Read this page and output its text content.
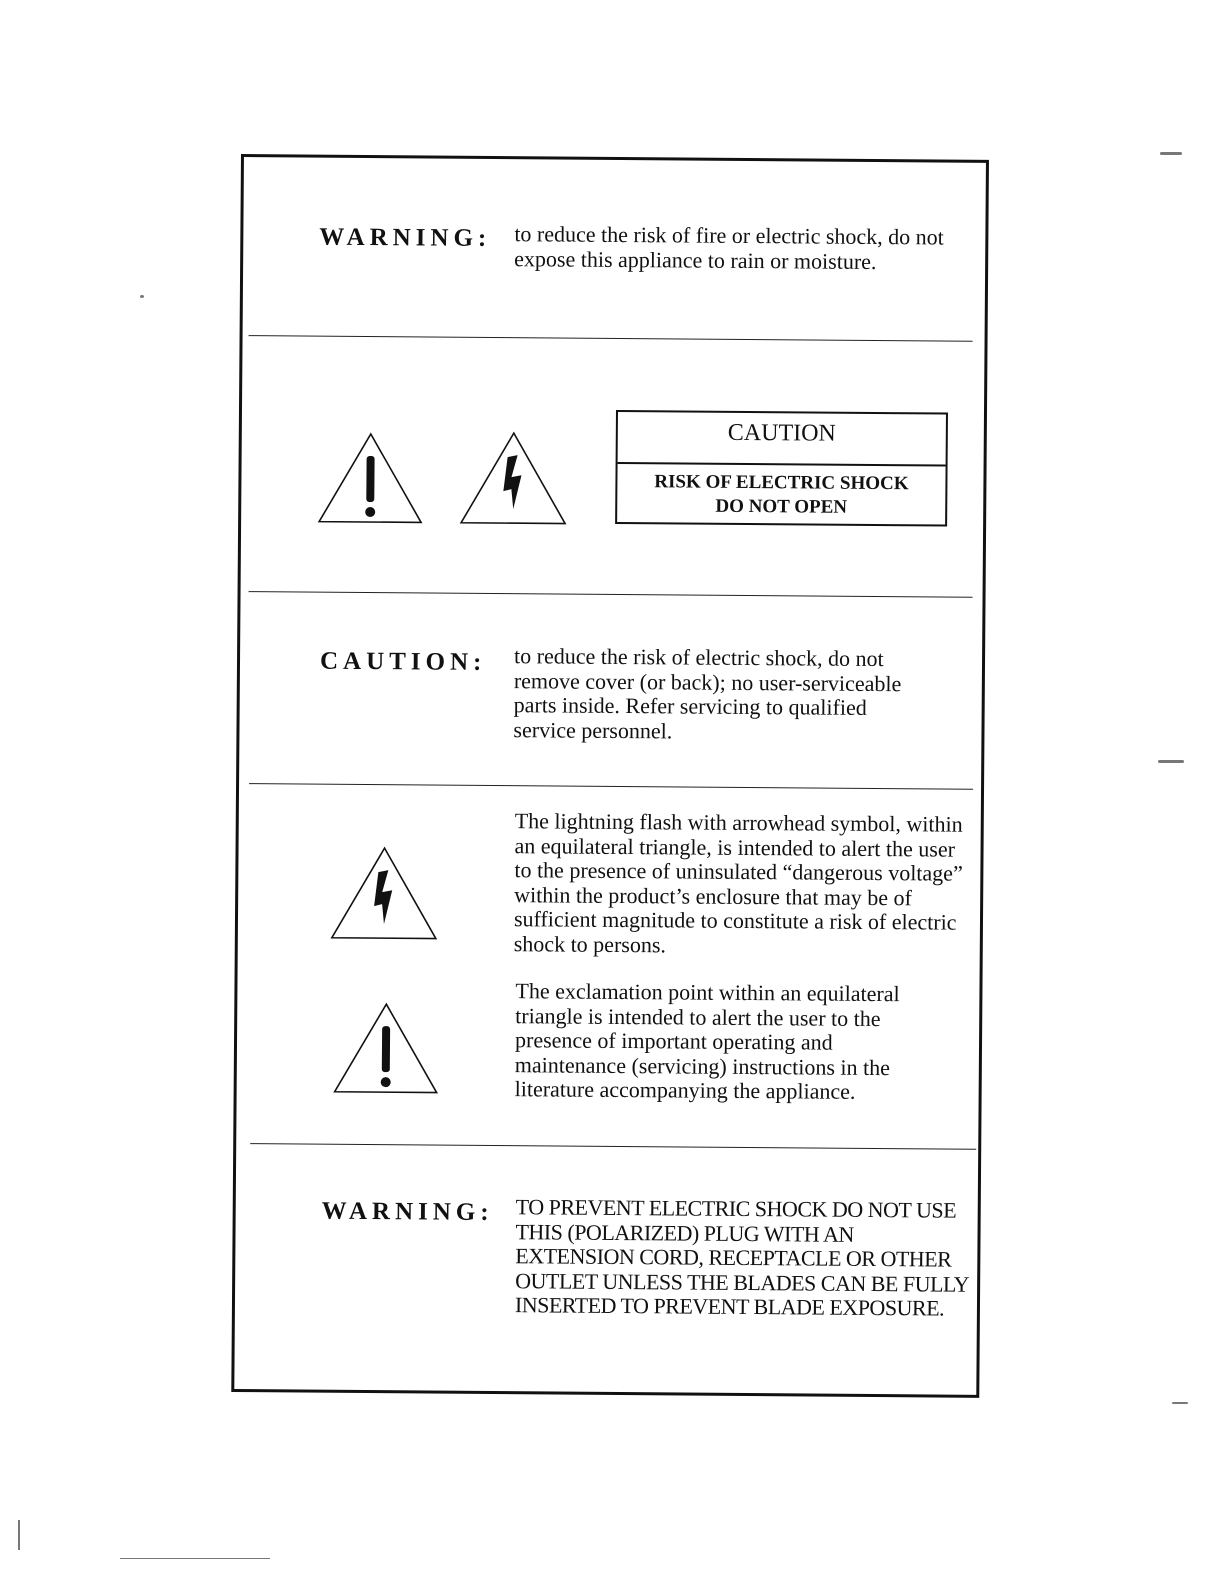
WARNING: to reduce the risk of fire or electric shock, do not expose this appliance to rain or moisture.
CAUTION
RISK OF ELECTRIC SHOCK
DO NOT OPEN
CAUTION: to reduce the risk of electric shock, do not remove cover (or back); no user-serviceable parts inside. Refer servicing to qualified service personnel.
The lightning flash with arrowhead symbol, within an equilateral triangle, is intended to alert the user to the presence of uninsulated “dangerous voltage” within the product’s enclosure that may be of sufficient magnitude to constitute a risk of electric shock to persons.
The exclamation point within an equilateral triangle is intended to alert the user to the presence of important operating and maintenance (servicing) instructions in the literature accompanying the appliance.
WARNING: TO PREVENT ELECTRIC SHOCK DO NOT USE THIS (POLARIZED) PLUG WITH AN EXTENSION CORD, RECEPTACLE OR OTHER OUTLET UNLESS THE BLADES CAN BE FULLY INSERTED TO PREVENT BLADE EXPOSURE.
